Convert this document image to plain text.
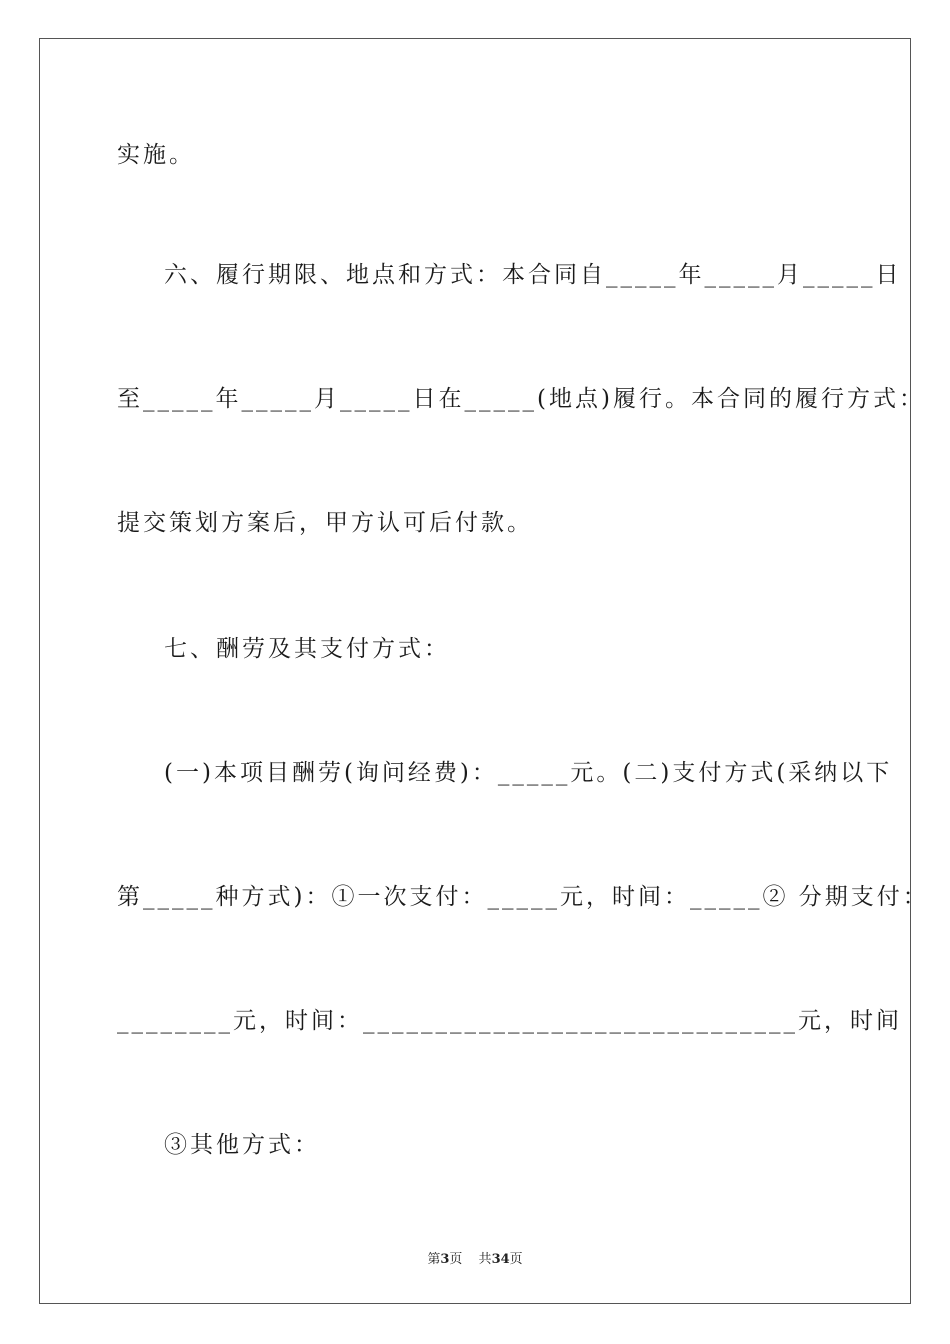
实施。
六、履行期限、地点和方式：本合同自_____年_____月_____日
至_____年_____月_____日在_____(地点)履行。本合同的履行方式：
提交策划方案后，甲方认可后付款。
七、酬劳及其支付方式：
(一)本项目酬劳(询问经费)：_____元。(二)支付方式(采纳以下
第_____种方式)：①一次支付：_____元，时间：_____② 分期支付：
________元，时间：______________________________元，时间
③其他方式：
第3页 共34页
